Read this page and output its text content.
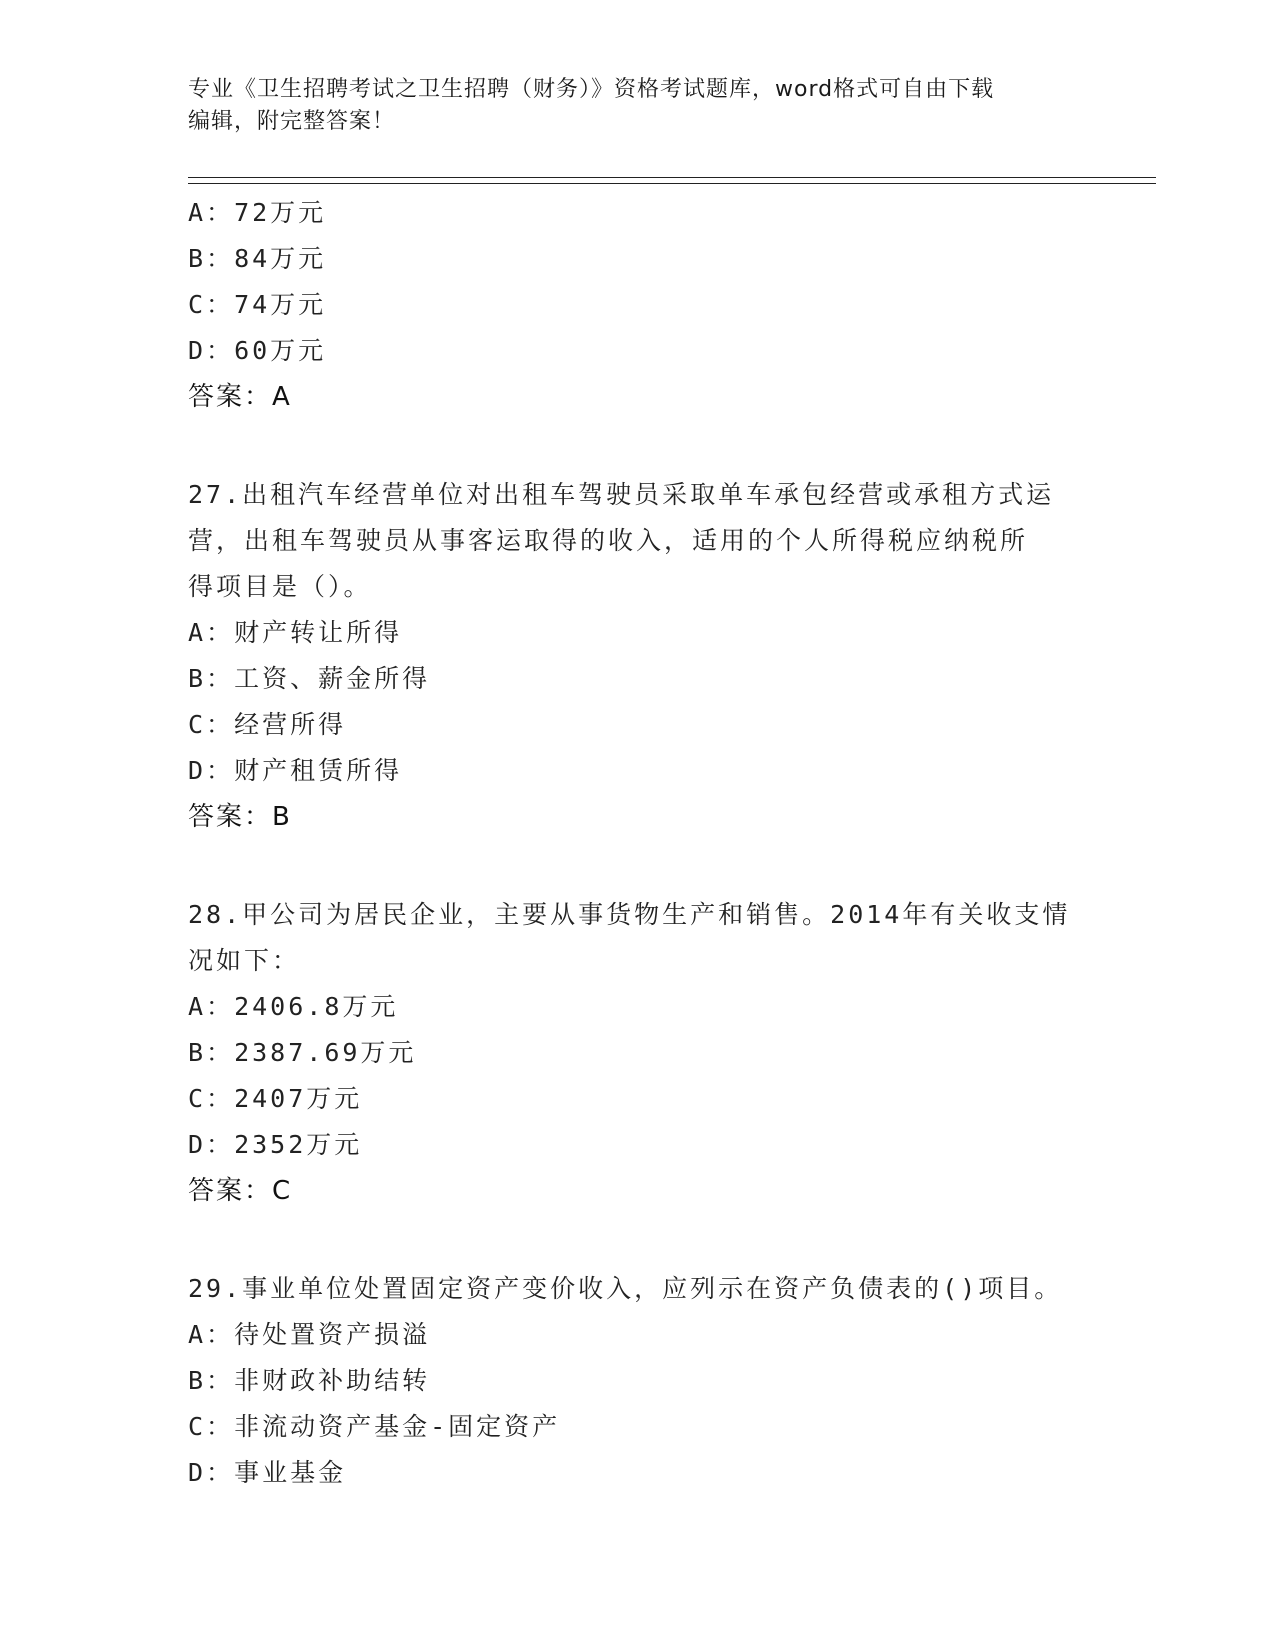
专业《卫生招聘考试之卫生招聘（财务）》资格考试题库，word格式可自由下载
编辑，附完整答案！
A：72万元
B：84万元
C：74万元
D：60万元
答案：A
27.出租汽车经营单位对出租车驾驶员采取单车承包经营或承租方式运
营，出租车驾驶员从事客运取得的收入，适用的个人所得税应纳税所
得项目是（）。
A：财产转让所得
B：工资、薪金所得
C：经营所得
D：财产租赁所得
答案：B
28.甲公司为居民企业，主要从事货物生产和销售。2014年有关收支情
况如下：
A：2406.8万元
B：2387.69万元
C：2407万元
D：2352万元
答案：C
29.事业单位处置固定资产变价收入，应列示在资产负债表的()项目。
A：待处置资产损溢
B：非财政补助结转
C：非流动资产基金-固定资产
D：事业基金
